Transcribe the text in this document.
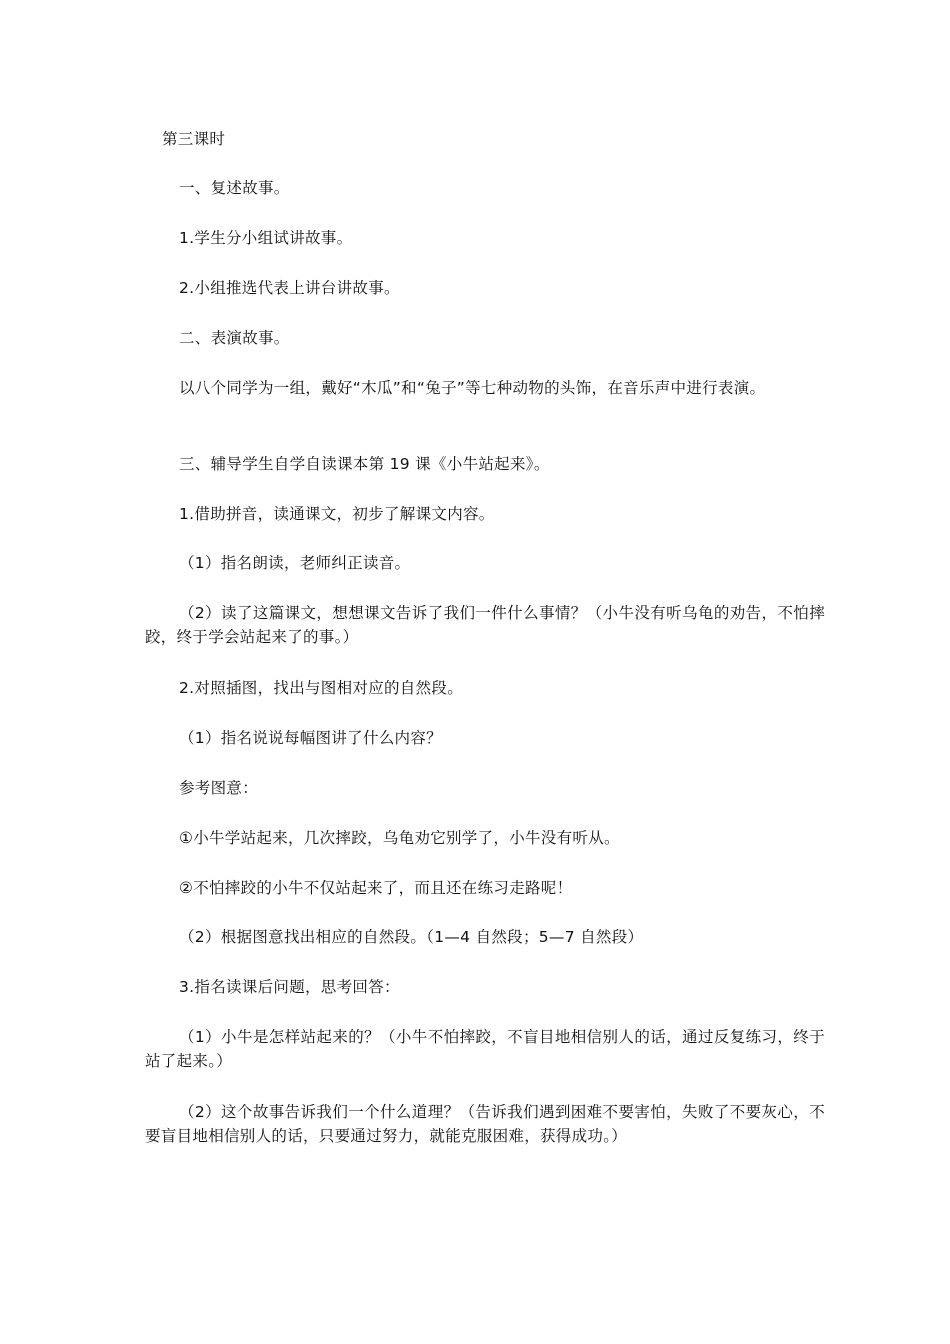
第三课时
一、复述故事。
1.学生分小组试讲故事。
2.小组推选代表上讲台讲故事。
二、表演故事。
以八个同学为一组，戴好“木瓜”和“兔子”等七种动物的头饰，在音乐声中进行表演。
三、辅导学生自学自读课本第 19 课《小牛站起来》。
1.借助拼音，读通课文，初步了解课文内容。
（1）指名朗读，老师纠正读音。
（2）读了这篇课文，想想课文告诉了我们一件什么事情？（小牛没有听乌龟的劝告，不怕摔跤，终于学会站起来了的事。）
2.对照插图，找出与图相对应的自然段。
（1）指名说说每幅图讲了什么内容？
参考图意：
①小牛学站起来，几次摔跤，乌龟劝它别学了，小牛没有听从。
②不怕摔跤的小牛不仅站起来了，而且还在练习走路呢！
（2）根据图意找出相应的自然段。（1—4 自然段；5—7 自然段）
3.指名读课后问题，思考回答：
（1）小牛是怎样站起来的？（小牛不怕摔跤，不盲目地相信别人的话，通过反复练习，终于站了起来。）
（2）这个故事告诉我们一个什么道理？（告诉我们遇到困难不要害怕，失败了不要灰心，不要盲目地相信别人的话，只要通过努力，就能克服困难，获得成功。）
